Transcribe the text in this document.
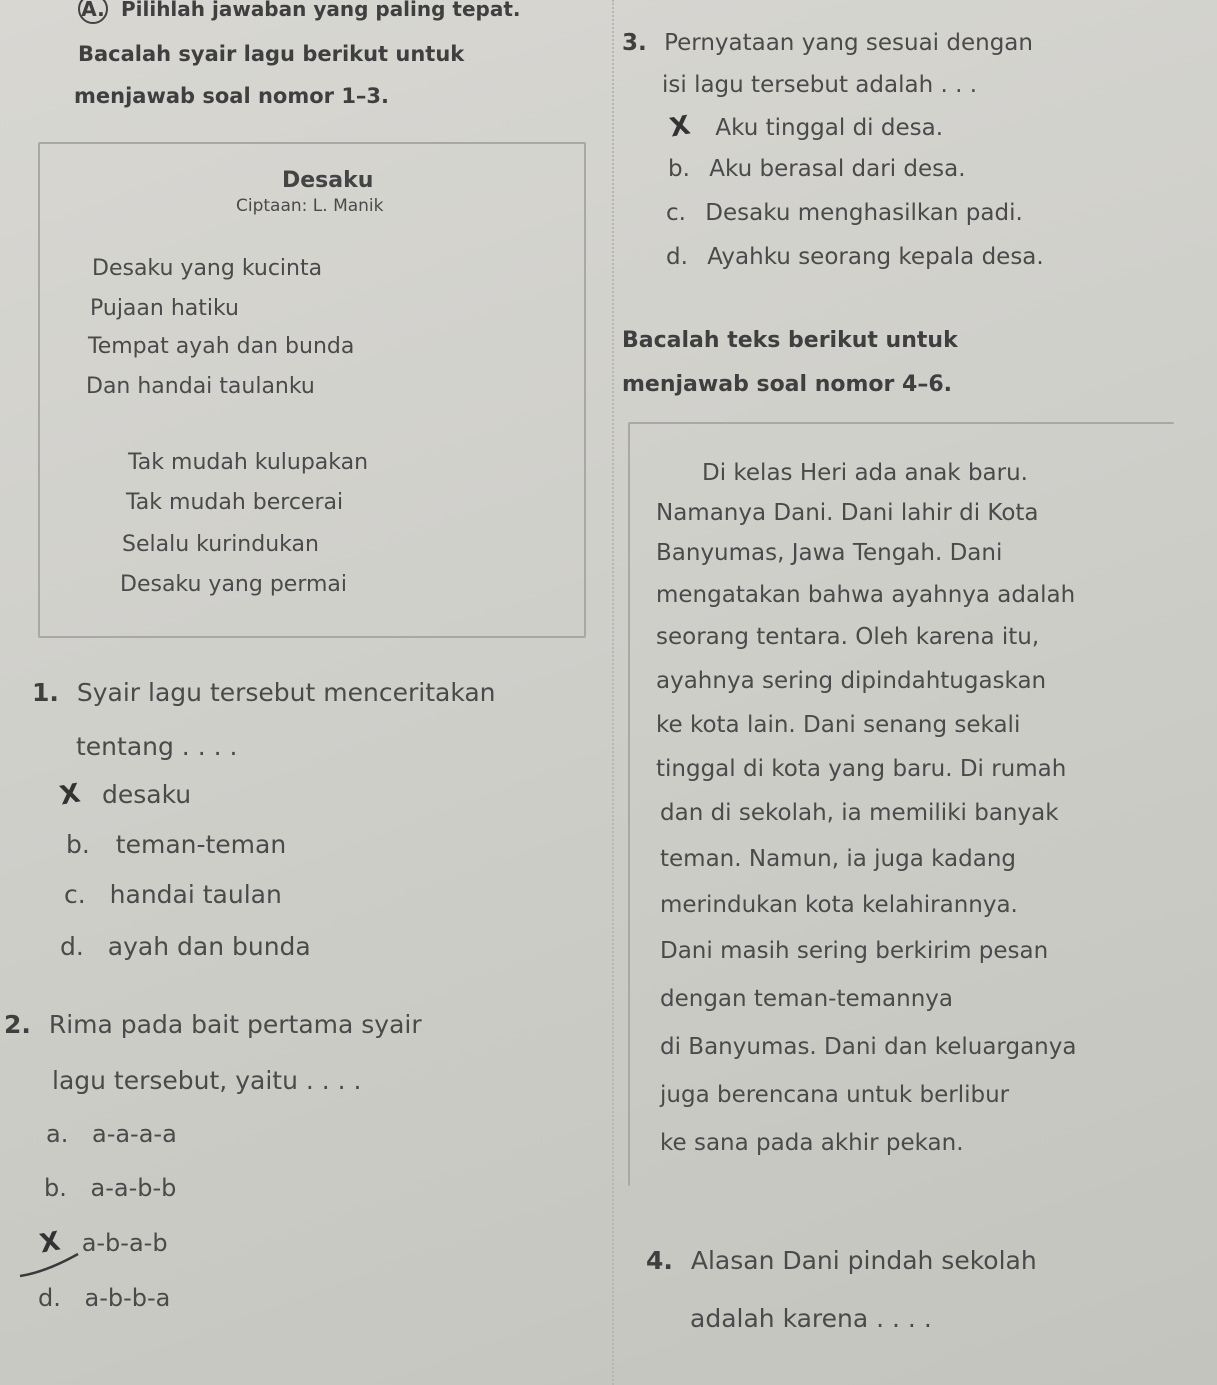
A. Pilihlah jawaban yang paling tepat.
Bacalah syair lagu berikut untuk
menjawab soal nomor 1–3.
Desaku
Ciptaan: L. Manik
Desaku yang kucinta
Pujaan hatiku
Tempat ayah dan bunda
Dan handai taulanku
Tak mudah kulupakan
Tak mudah bercerai
Selalu kurindukan
Desaku yang permai
1. Syair lagu tersebut menceritakan
tentang . . . .
X desaku
b. teman-teman
c. handai taulan
d. ayah dan bunda
2. Rima pada bait pertama syair
lagu tersebut, yaitu . . . .
a. a-a-a-a
b. a-a-b-b
X a-b-a-b
d. a-b-b-a
3. Pernyataan yang sesuai dengan
isi lagu tersebut adalah . . .
X Aku tinggal di desa.
b. Aku berasal dari desa.
c. Desaku menghasilkan padi.
d. Ayahku seorang kepala desa.
Bacalah teks berikut untuk
menjawab soal nomor 4–6.
Di kelas Heri ada anak baru.
Namanya Dani. Dani lahir di Kota
Banyumas, Jawa Tengah. Dani
mengatakan bahwa ayahnya adalah
seorang tentara. Oleh karena itu,
ayahnya sering dipindahtugaskan
ke kota lain. Dani senang sekali
tinggal di kota yang baru. Di rumah
dan di sekolah, ia memiliki banyak
teman. Namun, ia juga kadang
merindukan kota kelahirannya.
Dani masih sering berkirim pesan
dengan teman-temannya
di Banyumas. Dani dan keluarganya
juga berencana untuk berlibur
ke sana pada akhir pekan.
4. Alasan Dani pindah sekolah
adalah karena . . . .
